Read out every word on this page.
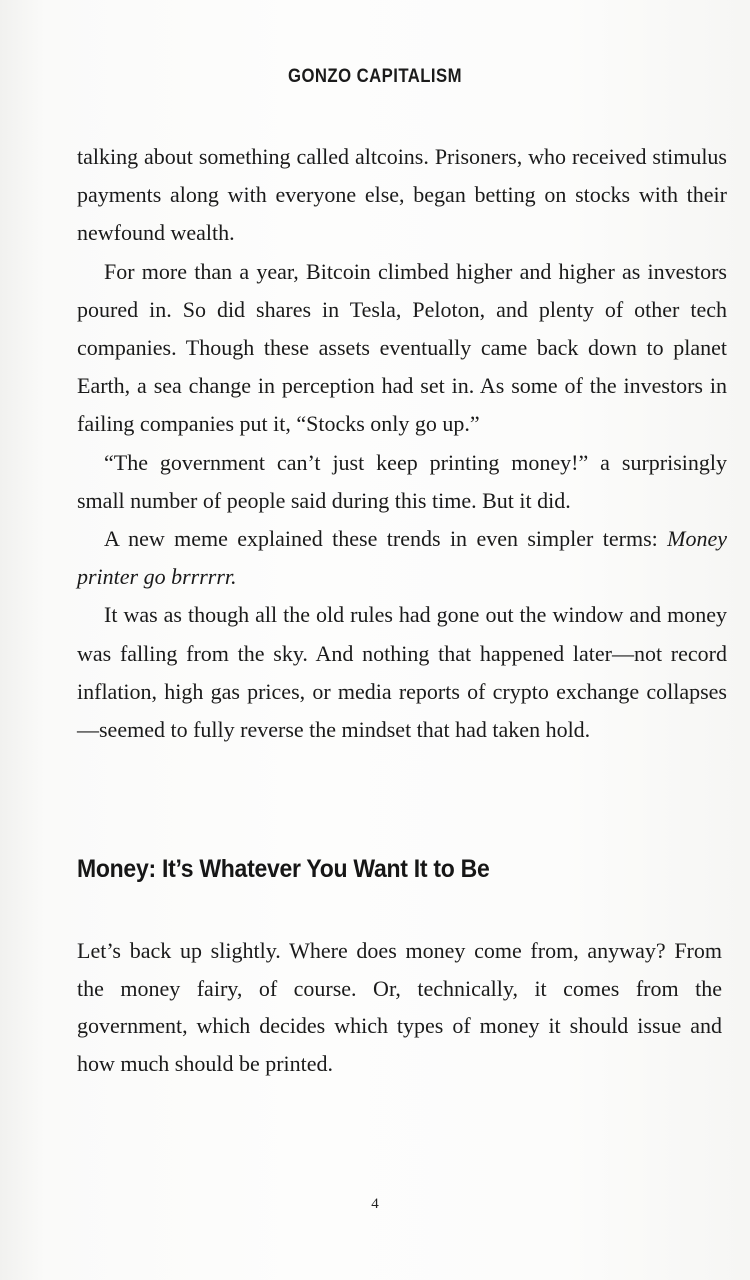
GONZO CAPITALISM

talking about something called altcoins. Prisoners, who received stimulus payments along with everyone else, began betting on stocks with their newfound wealth.

For more than a year, Bitcoin climbed higher and higher as investors poured in. So did shares in Tesla, Peloton, and plenty of other tech companies. Though these assets eventually came back down to planet Earth, a sea change in perception had set in. As some of the investors in failing companies put it, “Stocks only go up.”

“The government can’t just keep printing money!” a surprisingly small number of people said during this time. But it did.

A new meme explained these trends in even simpler terms: Money printer go brrrrrr.

It was as though all the old rules had gone out the window and money was falling from the sky. And nothing that happened later—not record inflation, high gas prices, or media reports of crypto exchange collapses—seemed to fully reverse the mindset that had taken hold.

Money: It’s Whatever You Want It to Be

Let’s back up slightly. Where does money come from, anyway? From the money fairy, of course. Or, technically, it comes from the government, which decides which types of money it should issue and how much should be printed.

4
